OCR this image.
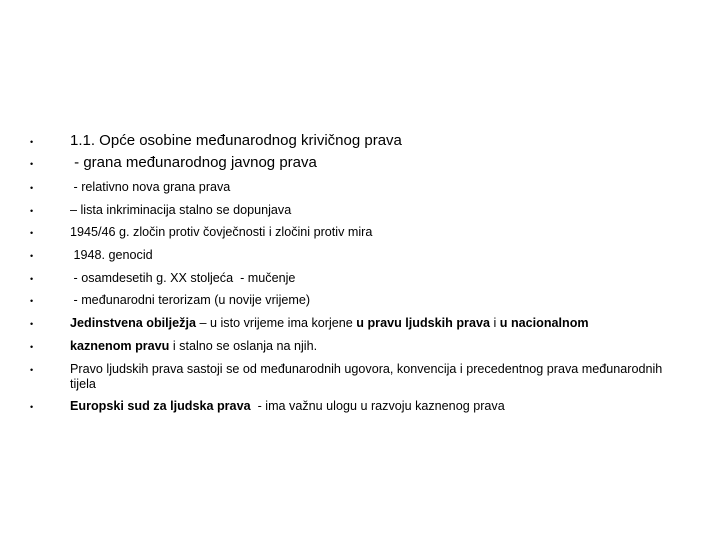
•	1.1. Opće osobine međunarodnog krivičnog prava
•	- grana međunarodnog javnog prava
•	- relativno nova grana prava
•	– lista inkriminacija stalno se dopunjava
•	1945/46 g. zločin protiv čovječnosti i zločini protiv mira
•	1948. genocid
•	- osamdesetih g. XX stoljeća  - mučenje
•	- međunarodni terorizam (u novije vrijeme)
•	Jedinstvena obilježja – u isto vrijeme ima korjene u pravu ljudskih prava i u nacionalnom
•	kaznenom pravu i stalno se oslanja na njih.
•	Pravo ljudskih prava sastoji se od međunarodnih ugovora, konvencija i precedentnog prava međunarodnih tijela
•	Europski sud za ljudska prava  - ima važnu ulogu u razvoju kaznenog prava
